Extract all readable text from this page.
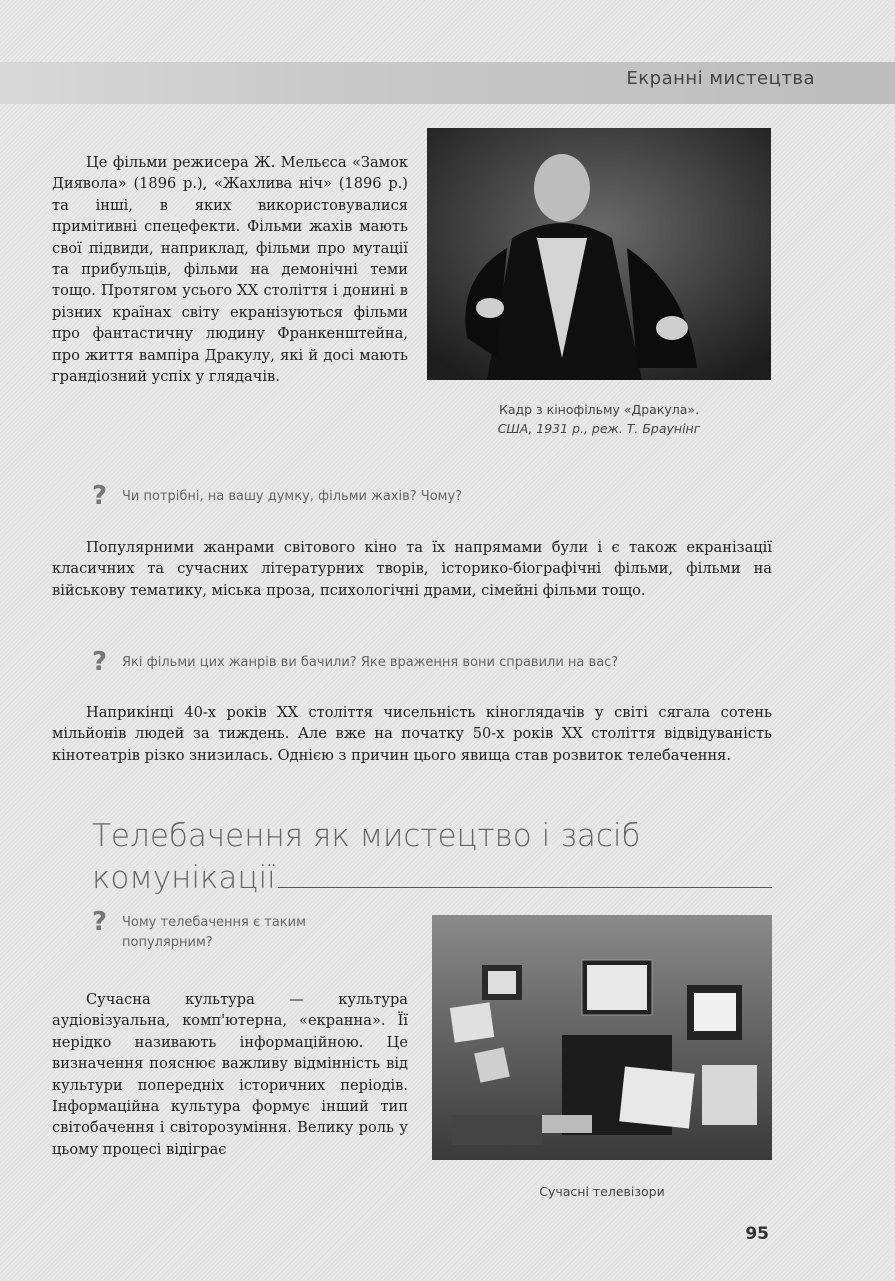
Екранні мистецтва
Це фільми режисера Ж. Мельєса «Замок Диявола» (1896 р.), «Жахлива ніч» (1896 р.) та інші, в яких використовувалися примітивні спецефекти. Фільми жахів мають свої підвиди, наприклад, фільми про мутації та прибульців, фільми на демонічні теми тощо. Протягом усього XX століття і донині в різних країнах світу екранізуються фільми про фантастичну людину Франкенштейна, про життя вампіра Дракулу, які й досі мають грандіозний успіх у глядачів.
Кадр з кінофільму «Дракула».
США, 1931 р., реж. Т. Браунінг
?	Чи потрібні, на вашу думку, фільми жахів? Чому?
Популярними жанрами світового кіно та їх напрямами були і є також екранізації класичних та сучасних літературних творів, історико-біографічні фільми, фільми на військову тематику, міська проза, психологічні драми, сімейні фільми тощо.
?	Які фільми цих жанрів ви бачили? Яке враження вони справили на вас?
Наприкінці 40-х років XX століття чисельність кіноглядачів у світі сягала сотень мільйонів людей за тиждень. Але вже на початку 50-х років XX століття відвідуваність кінотеатрів різко знизилась. Однією з причин цього явища став розвиток телебачення.
Телебачення як мистецтво і засіб
комунікації
?	Чому телебачення є таким популярним?
Сучасна культура — культура аудіовізуальна, комп'ютерна, «екранна». Її нерідко називають інформаційною. Це визначення пояснює важливу відмінність від культури попередніх історичних періодів. Інформаційна культура формує інший тип світобачення і світорозуміння. Велику роль у цьому процесі відіграє
Сучасні телевізори
95
